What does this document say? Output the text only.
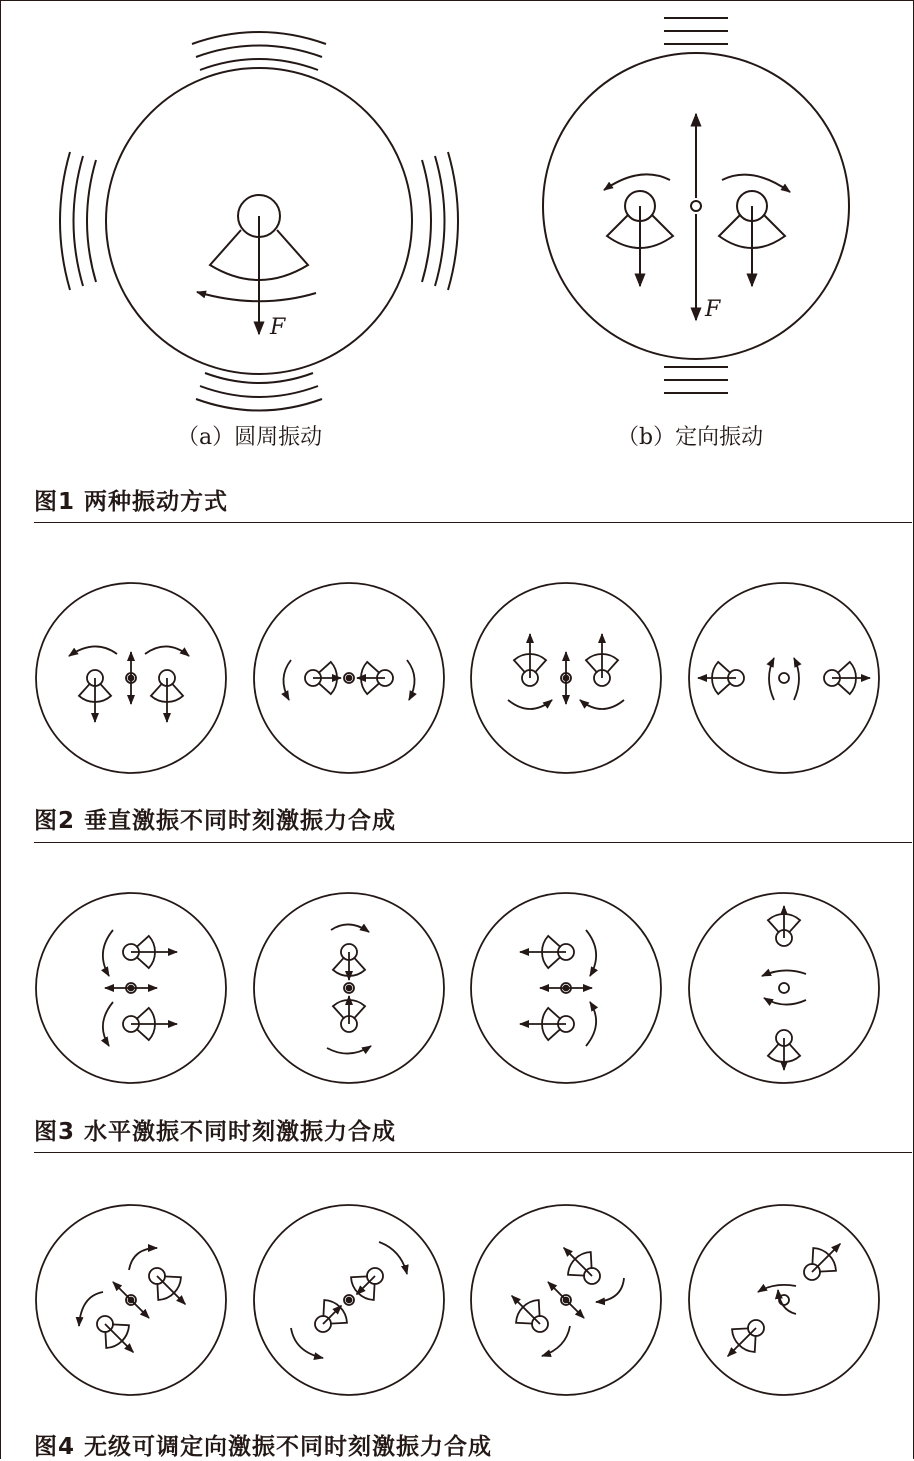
F
F
（a）圆周振动	（b）定向振动
图1 两种振动方式
图2 垂直激振不同时刻激振力合成
图3 水平激振不同时刻激振力合成
图4 无级可调定向激振不同时刻激振力合成
